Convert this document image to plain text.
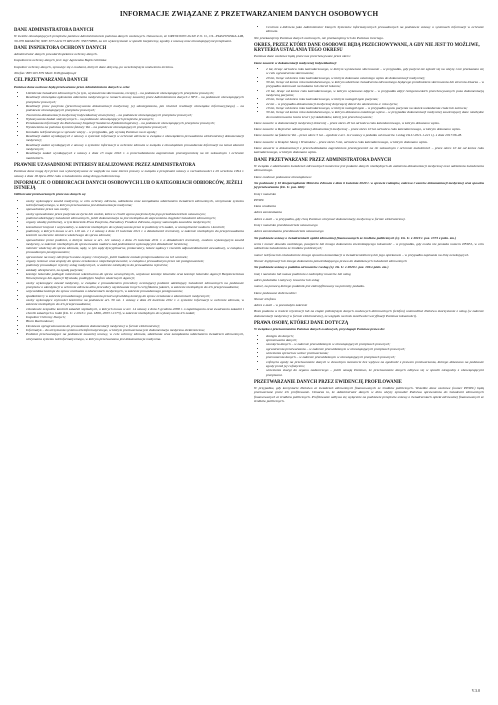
INFORMACJE ZWIĄZANE Z PRZETWARZANIEM DANYCH OSOBOWYCH
DANE ADMINISTRATORA DANYCH

W świetle obowiązujących przepisów państwu Administratorem państwa danych osobowych. Oznacza to, że ORTODONCJA SP. Z O. O., UL. PIASTOWSKA 44B, 30-070 KRAKÓW, NIP: 6771421175 REGON: 356779890, za ich wykorzystanie w sposób bezpieczny, zgodny z umową oraz obowiązującymi przepisami.

DANE INSPEKTORA OCHRONY DANYCH

Administrator danych powołał Inspektora ochrony danych.

Inspektorem ochrony danych jest: mgr Agnieszka Bajek Gibińska

Inspektor ochrony danych, sprawuje się z osobami, których dane dotyczą, po wcześniejszym umówieniu terminu.

Telefon: 883 925 879 Mail: IOD@ozdpm.pl

CEL PRZETWARZANIA DANYCH

Państwa dane osobowe będą przetwarzane przez Administratora danych w celu:

• Udzielenia świadczeń zdrowotnych (w tym, wystawienia skierowania, recepty) – na podstawie obowiązujących przepisów prawnych;
• Realizacji obowiązku zgłoszenia zdarzenia medycznego w ramach umowy zawartej przez Administratora danych z NFZ – na podstawie obowiązujących przepisów prawnych;
• Realizacji praw pacjenta (przechowywania dokumentacji medycznej, jej udostępniania, jak również realizacji obowiązku informacyjnego) – na podstawie obowiązujących przepisów prawnych;
• Tworzenia dokumentacji medycznej indywidualnej zewnętrznej – na podstawie obowiązujących przepisów prawnych;
• Wykonywania badań statystycznych – na podstawie obowiązujących przepisów prawnych;
• Przekazania informacji do Państwowej Inspekcji Sanitarno-Epidemiologicznej – na podstawie obowiązujących przepisów prawnych;
• Wystawienia na państwa życzenie faktury Vat – na podstawie obowiązujących przepisów prawnych;
• Kontaktu telefonicznego w sprawie wizyty – w przypadku, gdy wyrażą Państwo na to zgodę;
• Realizacji zadań wynikających z umowy o systemie informacji w ochronie zdrowia w związku z obowiązkiem prowadzenia elektronicznej dokumentacji medycznej;
• Realizacji zadań wynikających z umowy o systemie informacji w ochronie zdrowia w związku z obowiązkiem prowadzenia informacji na temat zdarzeń medycznych;
• Realizacja zadań wynikających z ustawy z dnia 13 maja 2016 r. o przeciwdziałaniu zagrożeniom przestępczością na tle seksualnym i ochronie małoletnich.
PRAWNIE UZASADNIONE INTERESY REALIZOWANE PRZEZ ADMINISTRATORA

Państwa dane mogą być przez nas wykorzystywane ze względu na nasz interes prawny w związku z przepisami ustawy o rachunkowości z 29 września 1994 r. ustawy z dnia 18 lipca 2002 roku o świadczeniu usług drogą elektroniczną.

INFORMACJE O ODBIORCACH DANYCH OSOBOWYCH LUB O KATEGORIACH ODBIORCÓW, JEŻELI ISTNIEJĄ

Odbiorcami przetwarzanych przez nas danych są:

• osoby wykonujące zawód medyczny, w celu ochrony zdrowia, udzielania oraz zarządzania udzielaniem świadczeń zdrowotnych, utrzymania systemu teleinformatycznego, w którym przetwarzana jest dokumentacja medyczna;
• upoważnione przez nas osoby;
• osoby upoważnione przez pacjenta za życia lub osobie, która w chwili zgonu pacjenta była jego przedstawicielem ustawowym;
• podmiot udzielający świadczeń zdrowotnych, jeżeli dokumentacja ta jest niezbędna do zapewnienia ciągłości świadczeń zdrowotnych;
• organy władzy publicznej, w tym Rzecznik Praw Pacjenta, Narodowy Fundusz Zdrowia, organy samorządu zawodów medycznych;
• konsultanci krajowi i wojewódzcy, w zakresie niezbędnym do wykonywania przez te podmioty ich zadań, w szczególności nadzoru i kontroli;
• podmioty, o których mowa w art. 119 ust. 1 i 2 ustawy z dnia 15 kwietnia 2011 r. o działalności leczniczej, w zakresie niezbędnym do przeprowadzenia kontroli na zlecenie ministra właściwego do spraw zdrowia;
• upoważnione przez podmiot, o którym mowa w art. 121 ustawy z dnia 15 kwietnia 2011 r. o działalności leczniczej, osobom wykonującym zawód medyczny, w zakresie niezbędnym do sprawowania nadzoru nad podmiotami wykonującymi działalność leczniczą;
• minister właściwy do spraw zdrowia, sądy, w tym sądy dyscyplinarne, prokuratury, lekarz sądowy i rzecznik odpowiedzialności zawodowej, w związku z prowadzonym postępowaniem;
• uprawnione na mocy odrębnych ustaw organy i instytucje, jeżeli badanie zostało przeprowadzone na ich wniosek;
• organy rentowe oraz zespoły do spraw orzekania o niepełnosprawności, w związku z prowadzonym przez nie postępowaniem;
• podmioty prowadzące rejestry usług medycznych, w zakresie niezbędnym do prowadzenia rejestrów;
• zakłady ubezpieczeń, za zgodą pacjenta;
• komisje lekarskie podległe ministrowi właściwemu do spraw wewnętrznych, wojskowe komisje lekarskie oraz komisje lekarskie Agencji Bezpieczeństwa Wewnętrznego lub Agencji Wywiadu, podległym Szefom właściwych Agencji;
• osoby wykonujące zawód medyczny, w związku z prowadzeniem procedury oceniającej podmiot udzielający świadczeń zdrowotnych na podstawie przepisów o akredytacji w ochronie zdrowia albo procedury uzyskiwania innych certyfikatów jakości, w zakresie niezbędnym do ich przeprowadzenia;
• wojewódzka komisja do spraw orzekania o zdarzeniach medycznych, w zakresie prowadzonego postępowania;
• spadkobiercy w zakresie prowadzonego postępowania przed wojewódzką komisją do spraw orzekania o zdarzeniach medycznych;
• osoby wykonujące czynności kontrolne na podstawie art. 39 ust. 1 ustawy z dnia 29 kwietnia 2011 r. o systemie informacji w ochronie zdrowia, w zakresie niezbędnym do ich przeprowadzenia;
• członkowie zespołów kontroli zakażeń szpitalnych, o których mowa w art. 14 ustawy z dnia 5 grudnia 2008 r. o zapobieganiu oraz zwalczaniu zakażeń i chorób zakaźnych u ludzi (Dz. U. z 2016 r. poz. 1866, 2003 i 2173), w zakresie niezbędnym do wykonywania ich zadań;
• Inspektor Ochrony Danych;
• Biuro Rachunkowe;
• Dostawca oprogramowania do prowadzenia dokumentacji medycznej w formie elektronicznej;
• Informatyk – do utrzymania systemu teleinformatycznego, w którym przetwarzana jest dokumentacja medyczna elektroniczna;
• Podmiot przetwarzające na podstawie zawartej umowy, w celu ochrony zdrowia, udzielania oraz zarządzania udzielaniem świadczeń zdrowotnych, utrzymania systemu teleinformatycznego, w którym przetwarzana jest dokumentacja medyczna.
• Centrum e-Zdrowia jako Administrator Danych Systemów informatycznych prowadzonych na podstawie ustawy o systemach informacji w ochronie zdrowia.

Nie przekazujemy Państwa danych osobowych, nie przekazujemy ich do Państwa trzeciego.

OKRES, PRZEZ KTÓRY DANE OSOBOWE BĘDĄ PRZECHOWYWANE, A GDY NIE JEST TO MOŻLIWE, KRYTERIA USTALANIA TEGO OKRESU

Państwa dane osobowe będą przez nas przechowywane przez okres:

Dane zawarte w dokumentacji medycznej indywidualnej:

• 2 lat, licząc od końca roku kalendarzowego, w którym wystawiono skierowanie – w przypadku, gdy pacjent nie zgłosił się na wizytę i nie przekazano się w celu ograniczenia skierowania;
• 20 lat, licząc od końca roku kalendarzowego, w którym dokonano ostatniego wpisu do dokumentacji medycznej;
• 30 lat, licząc od końca roku kalendarzowego, w którym udzielono świadczenia zdrowotnego będącego przedmiotem skierowania lub zlecenia lekarza – w przypadku skierowań na badania lub zleceń lekarza;
• 10 lat, licząc od końca roku kalendarzowego, w którym wykonano zdjęcie – w przypadku zdjęć rentgenowskich przechowywanych poza dokumentacją medyczną pacjenta;
• 20 lat, licząc od końca roku kalendarzowego, w którym nastąpił zgon pacjenta;
• 22 lat – w przypadku dokumentacji medycznej dotyczącej dzieci do ukończenia 2. roku życia;
• 10 lat, licząc od końca roku kalendarzowego, w którym nastąpił zgon – w przypadku zgonu pacjenta na skutek uszkodzenia ciała lub zatrucia;
• 30 lat, licząc od końca roku kalendarzowego, w którym dokonano ostatniego wpisu – w przypadku dokumentacji medycznej zawierającej dane niezbędne do monitorowania losów krwi i jej składników, której jest przechowywanie;

Dane zawarte w dokumentacji medycznej zbiorczej – przez okres 20 lat od końca roku kalendarzowego, w którym dokonano wpisu.

Dane zawarte w Rejestrze udostępnionej dokumentacji medycznej – przez okres 10 lat od końca roku kalendarzowego, w którym dokonano wpisu.

Dane zawarte na fakturze Vat – przez okres 5 lat – zgodnie z art. 112 ustawy o podatku od towarów i usług Dz.U.2011.1.221 t.j. z dnia 2017.06.28.

Dane zawarte w Książce Skarg i Wniosków – przez okres 5 lat, od końca roku kalendarzowego, w którym dokonano wpisu.

Dane zawarte w dokumentacji z przeciwdziałania zagrożeniom przestępczości na tle seksualnym i ochronie małoletnich – przez okres 10 lat od końca roku kalendarzowego, w którym dokonano wpisu.

DANE PRZETWARZANE PRZEZ ADMINISTRATORA DANYCH

W związku z udzielaniem świadczeń zdrowotnych konieczne jest podanie danych niezbędnych do założenia dokumentacji medycznej oraz udzielania świadczenia zdrowotnego.

Dane osobowe podawane obowiązkowo:

Na podstawie § 10 Rozporządzenia Ministra Zdrowia z dnia 6 kwietnia 2020 r. w sprawie rodzajów, zakresu i wzorów dokumentacji medycznej oraz sposobu jej przetwarzania (Dz. U. poz. 666):

Imię i nazwisko

PESEL

Data urodzenia

Adres zamieszkania

Adres e-mail – w przypadku, gdy chcą Państwo otrzymać dokumentację medyczną w formie elektronicznej.

Imię i nazwisko przedstawiciela ustawowego

Adres zamieszkania przedstawiciela ustawowego

Na podstawie ustawy o świadczeniach opieki zdrowotnej finansowanych ze środków publicznych (t.j. Dz. U. z 2019 r. poz. 1373 z późn. zm.)

seria i numer dowodu osobistego, paszportu lub innego dokumentu stwierdzającego tożsamość – w przypadku, gdy osoba nie posiada numeru PESEL, w celu udzielenia świadczenia ze środków publicznych;

numer telefonu lub oświadczenie innego sposobu komunikacji w świadczeniobiorcą lub jego opiekunem – w przypadku zapisania na listę oczekujących.

Numer legitymacji lub innego dokumentu potwierdzającego prawo do dodatkowych świadczeń zdrowotnych

Na podstawie ustawy o podatku od towarów i usług (t.j. Dz. U. z 2020 r. poz. 106 z późn. zm.)

imię i nazwisko lub nazwa podmiotu z nadrzędny towarów lub usług

adres podatnika i nabywcy towarów lub usług

numer, za pomocą którego podatnik jest zidentyfikowany na potrzeby podatku.

Dane podawane dobrowolnie:

Numer telefonu

Adres e-mail – w pozostałym zakresie

Brak podania w trakcie rejestracji lub na etapie późniejszym danych osobowych dobrowolnych (telefon) uniemożliwi Państwu skorzystanie z usług (w zakresie dokumentacji medycznej w formie elektronicznej, ze względu na brak możliwości weryfikacji Państwa tożsamości).

PRAWA OSOBY, KTÓREJ DANE DOTYCZĄ

W związku z przetwarzaniem Państwa danych osobowych, przysługuje Państwu prawo do:

• dostępu do danych;
• sprostowania danych;
• usunięcia danych – w zakresie przewidzianym w obowiązujących przepisach prawnych;
• ograniczenia przetwarzania – w zakresie przewidzianym w obowiązujących przepisach prawnych;
• wniesienia sprzeciwu wobec przetwarzania;
• przenoszenia danych – w zakresie przewidzianym w obowiązujących przepisach prawnych;
• cofnięcia zgody na przetwarzanie danych w dowolnym momencie bez wpływu na zgodność z prawem przetwarzania, którego dokonano na podstawie zgody przed jej cofnięciem;
• wniesienia skargi do organu nadzorczego – jeżeli uznają Państwo, że przetwarzanie danych odbywa się w sposób niezgodny z obowiązującymi przepisami.
PRZETWARZANIE DANYCH PRZEZ EWIDENCJĘ PROFILOWANIE

W przypadku, gdy korzystacie Państwo ze świadczeń zdrowotnych finansowanych ze środków publicznych. Wszelkie dane osobowe (numer PESEL) będą przetwarzane przez ich profilowanie. Oznacza to, że Administrator danych w dniu wizyty sprawdzi Państwa uprawnienia do świadczeń zdrowotnych finansowanych ze środków publicznych. Profilowanie odbywa się wyłącznie na podstawie przepisów ustawy o świadczeniach opieki zdrowotnej finansowanych ze środków publicznych.

V.3.0
